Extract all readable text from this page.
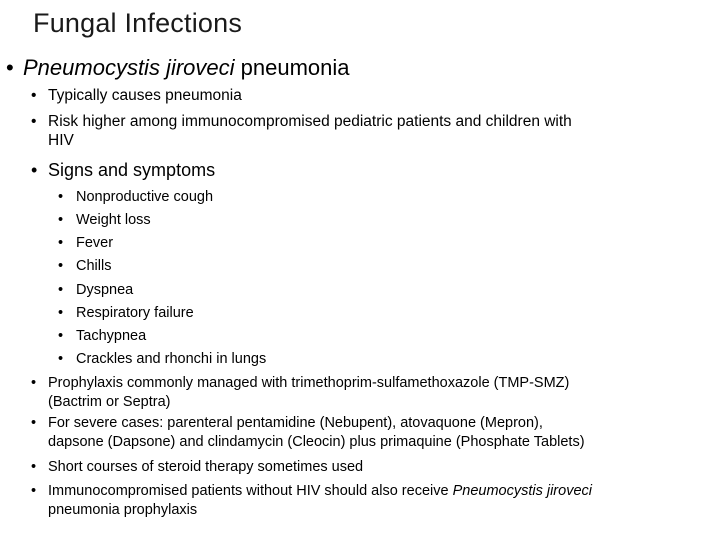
Fungal Infections
• Pneumocystis jiroveci pneumonia
• Typically causes pneumonia
• Risk higher among immunocompromised pediatric patients and children with
HIV
• Signs and symptoms
• Nonproductive cough
• Weight loss
• Fever
• Chills
• Dyspnea
• Respiratory failure
• Tachypnea
• Crackles and rhonchi in lungs
• Prophylaxis commonly managed with trimethoprim-sulfamethoxazole (TMP-SMZ)
(Bactrim or Septra)
• For severe cases: parenteral pentamidine (Nebupent), atovaquone (Mepron),
dapsone (Dapsone) and clindamycin (Cleocin) plus primaquine (Phosphate Tablets)
• Short courses of steroid therapy sometimes used
• Immunocompromised patients without HIV should also receive Pneumocystis jiroveci
pneumonia prophylaxis
